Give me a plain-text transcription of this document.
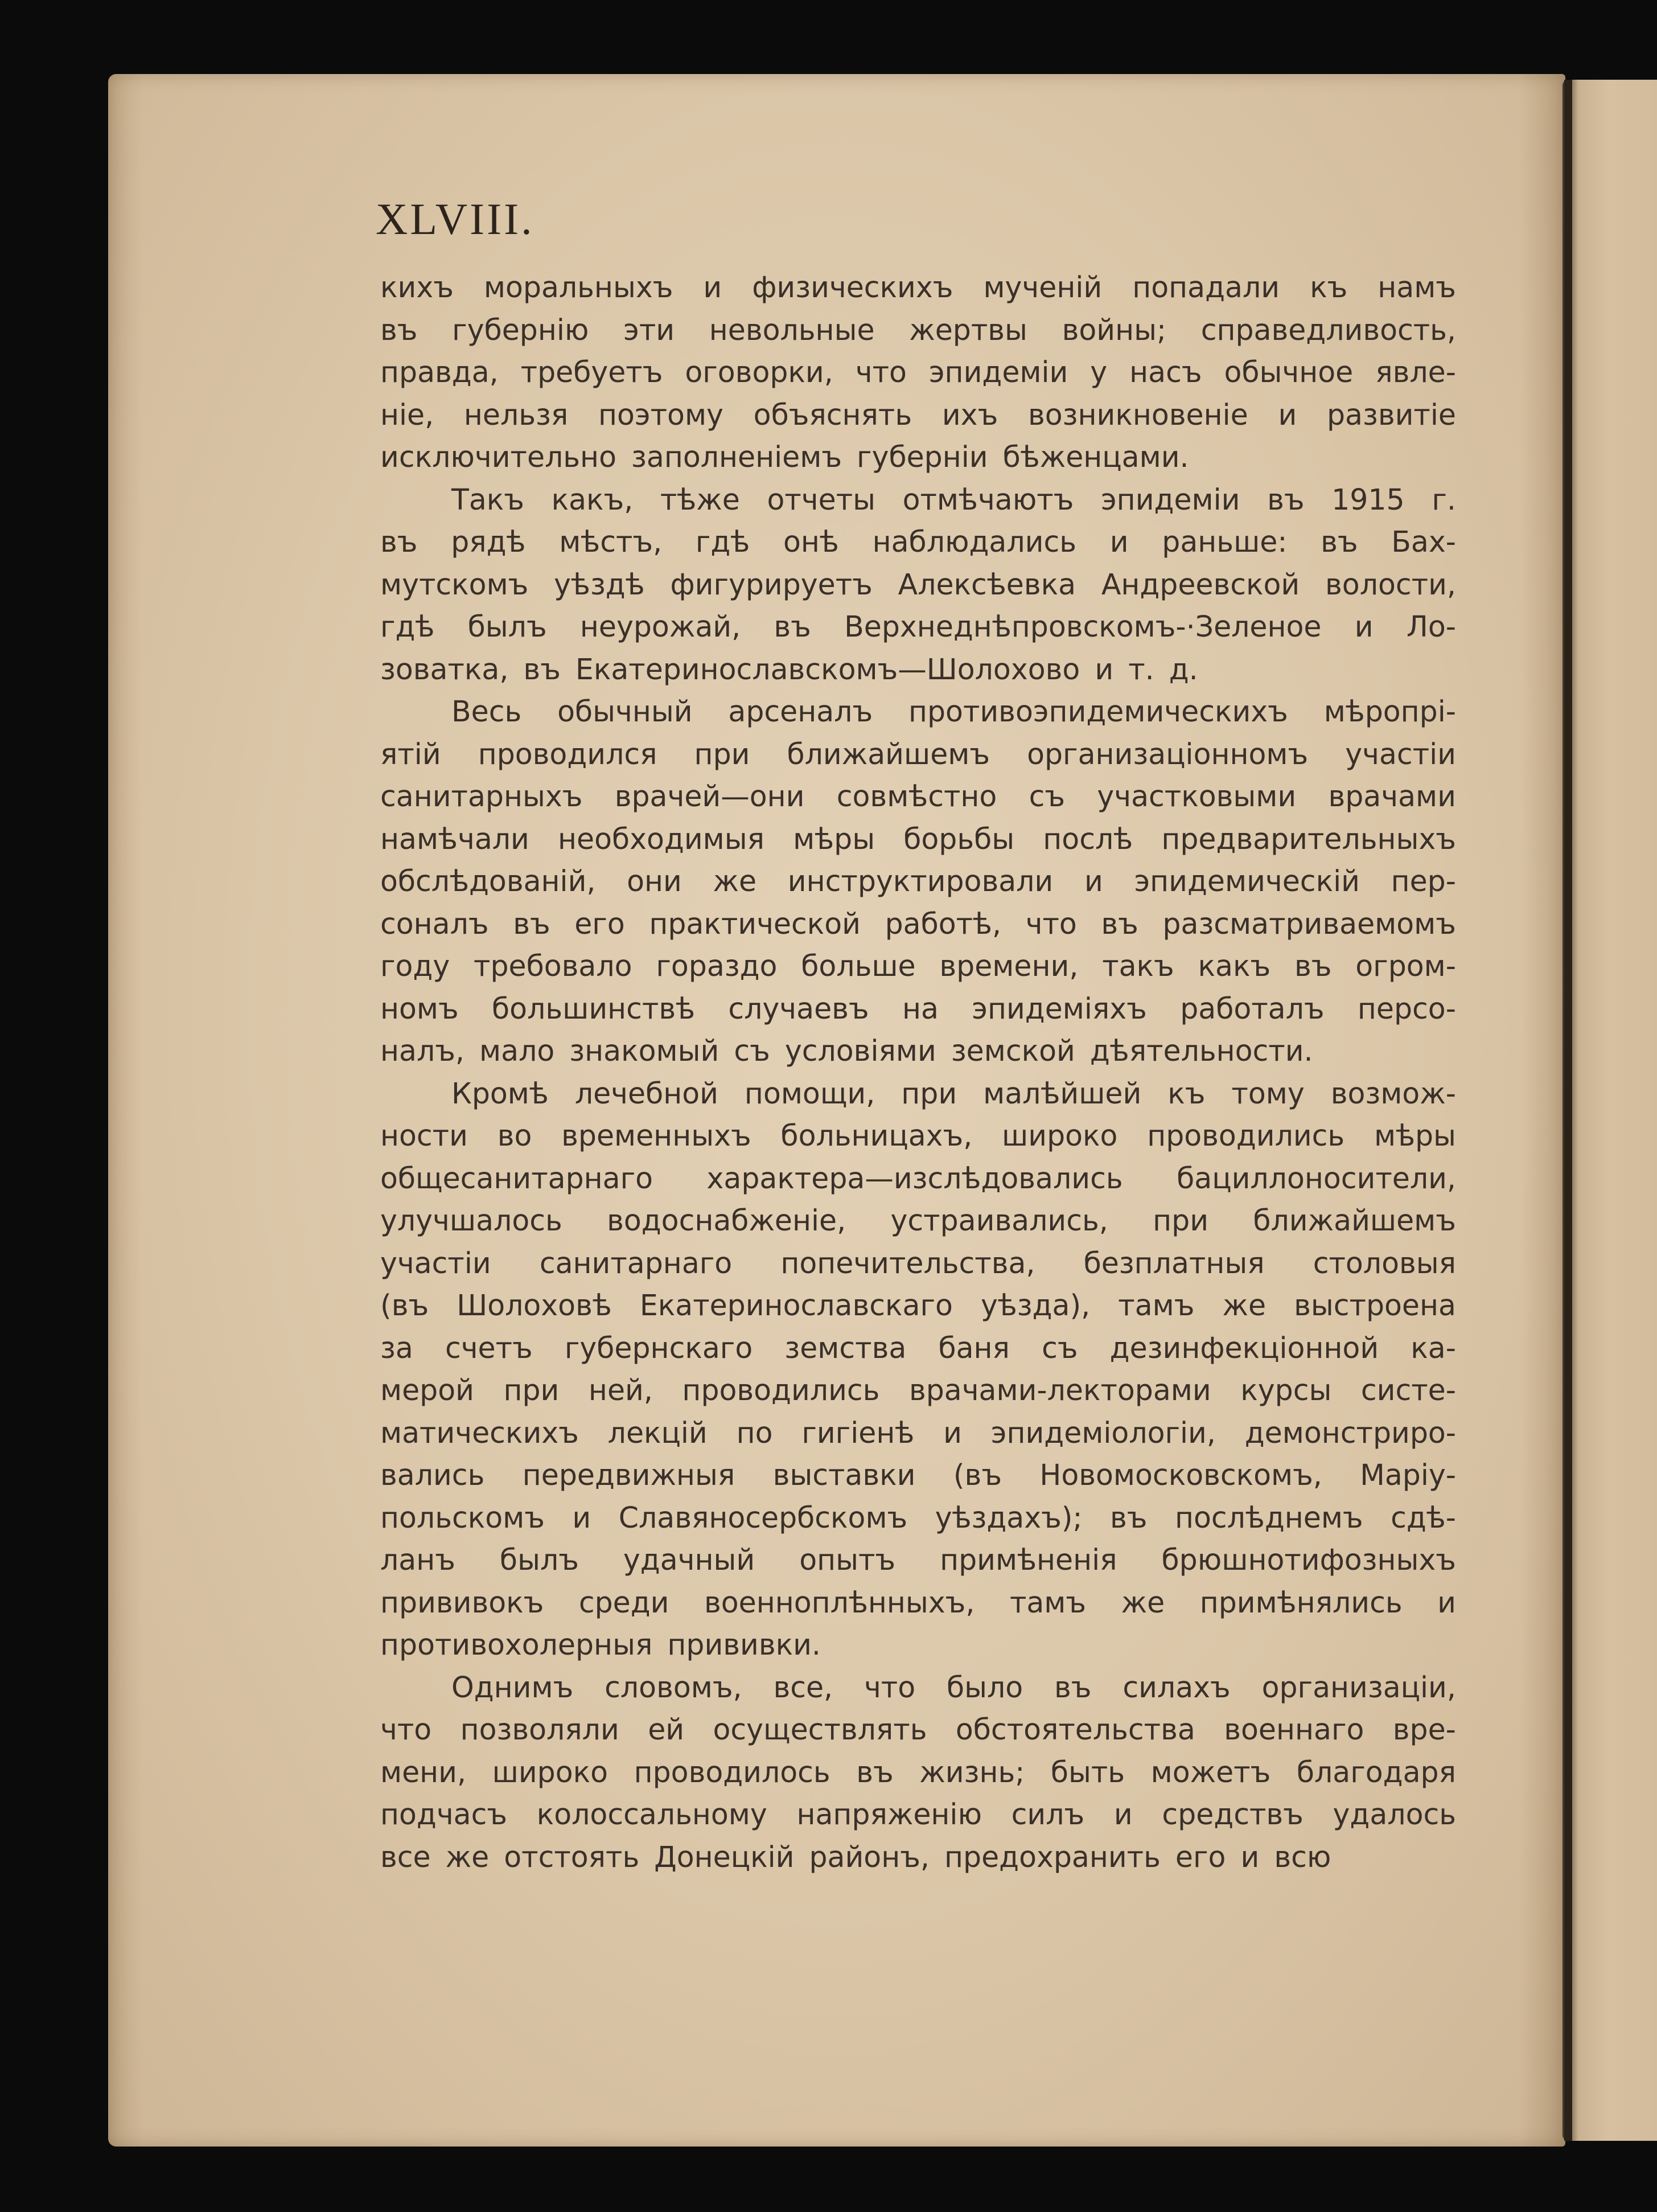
XLVIII.
кихъ моральныхъ и физическихъ мученій попадали къ намъ
въ губернію эти невольные жертвы войны; справедливость,
правда, требуетъ оговорки, что эпидеміи у насъ обычное явле-
ніе, нельзя поэтому объяснять ихъ возникновеніе и развитіе
исключительно заполненіемъ губерніи бѣженцами.
Такъ какъ, тѣже отчеты отмѣчаютъ эпидеміи въ 1915 г.
въ рядѣ мѣстъ, гдѣ онѣ наблюдались и раньше: въ Бах-
мутскомъ уѣздѣ фигурируетъ Алексѣевка Андреевской волости,
гдѣ былъ неурожай, въ Верхнеднѣпровскомъ-·Зеленое и Ло-
зоватка, въ Екатеринославскомъ—Шолохово и т. д.
Весь обычный арсеналъ противоэпидемическихъ мѣропрі-
ятій проводился при ближайшемъ организаціонномъ участіи
санитарныхъ врачей—они совмѣстно съ участковыми врачами
намѣчали необходимыя мѣры борьбы послѣ предварительныхъ
обслѣдованій, они же инструктировали и эпидемическій пер-
соналъ въ его практической работѣ, что въ разсматриваемомъ
году требовало гораздо больше времени, такъ какъ въ огром-
номъ большинствѣ случаевъ на эпидеміяхъ работалъ персо-
налъ, мало знакомый съ условіями земской дѣятельности.
Кромѣ лечебной помощи, при малѣйшей къ тому возмож-
ности во временныхъ больницахъ, широко проводились мѣры
общесанитарнаго характера—изслѣдовались бациллоносители,
улучшалось водоснабженіе, устраивались, при ближайшемъ
участіи санитарнаго попечительства, безплатныя столовыя
(въ Шолоховѣ Екатеринославскаго уѣзда), тамъ же выстроена
за счетъ губернскаго земства баня съ дезинфекціонной ка-
мерой при ней, проводились врачами-лекторами курсы систе-
матическихъ лекцій по гигіенѣ и эпидеміологіи, демонстриро-
вались передвижныя выставки (въ Новомосковскомъ, Маріу-
польскомъ и Славяносербскомъ уѣздахъ); въ послѣднемъ сдѣ-
ланъ былъ удачный опытъ примѣненія брюшнотифозныхъ
прививокъ среди военноплѣнныхъ, тамъ же примѣнялись и
противохолерныя прививки.
Однимъ словомъ, все, что было въ силахъ организаціи,
что позволяли ей осуществлять обстоятельства военнаго вре-
мени, широко проводилось въ жизнь; быть можетъ благодаря
подчасъ колоссальному напряженію силъ и средствъ удалось
все же отстоять Донецкій районъ, предохранить его и всю
